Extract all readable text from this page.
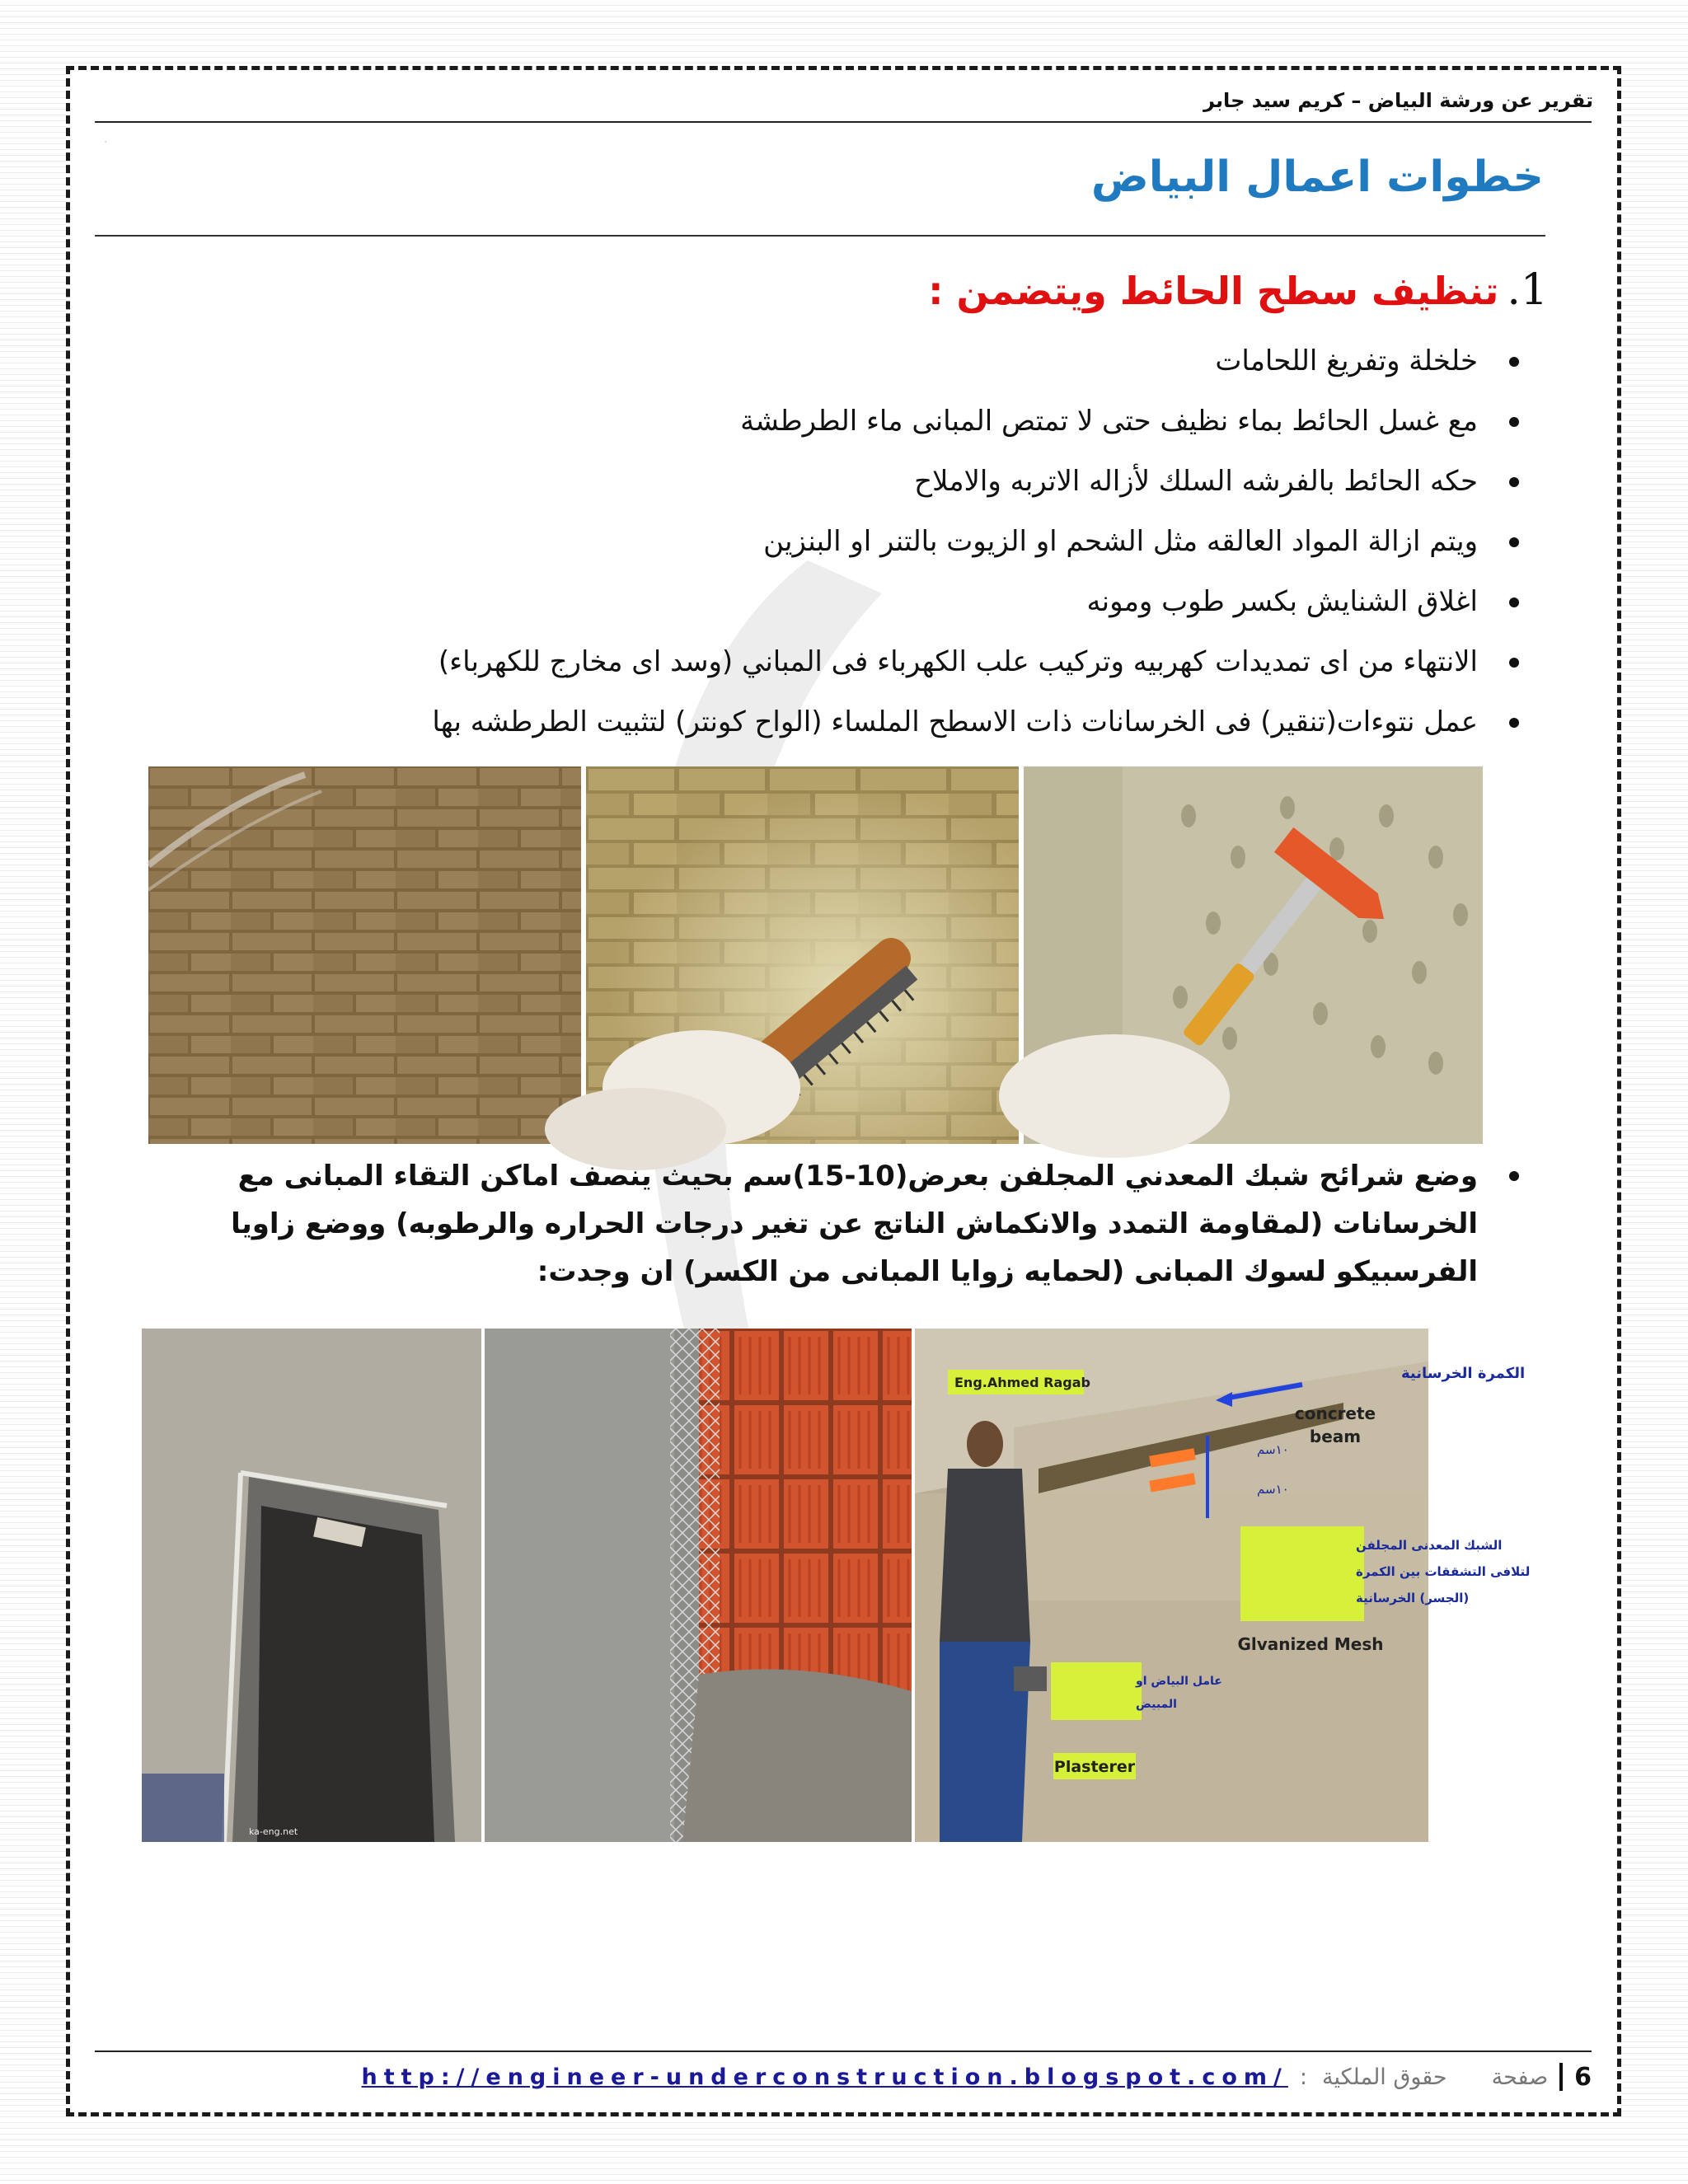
تقرير عن ورشة البياض – كريم سيد جابر
'
خطوات اعمال البياض
1.
تنظيف سطح الحائط ويتضمن :
خلخلة وتفريغ اللحامات
مع غسل الحائط بماء نظيف حتى لا تمتص المبانى ماء الطرطشة
حكه الحائط بالفرشه السلك لأزاله الاتربه والاملاح
ويتم ازالة المواد العالقه مثل الشحم او الزيوت بالتنر او البنزين
اغلاق الشنايش بكسر طوب ومونه
الانتهاء من اى تمديدات كهربيه وتركيب علب الكهرباء فى المباني (وسد اى مخارج للكهرباء)
عمل نتوءات(تنقير) فى الخرسانات ذات الاسطح الملساء (الواح كونتر) لتثبيت الطرطشه بها
وضع شرائح شبك المعدني المجلفن بعرض(10-15)سم بحيث ينصف اماكن التقاء المبانى مع
الخرسانات (لمقاومة التمدد والانكماش الناتج عن تغير درجات الحراره والرطوبه) ووضع زاويا
الفرسبيكو لسوك المبانى (لحمايه زوايا المبانى من الكسر) ان وجدت:
ka-eng.net
Eng.Ahmed Ragab
الكمرة الخرسانية
concrete
beam
١٠سم
١٠سم
الشبك المعدنى المجلفن
لتلافى التشققات بين الكمرة
(الجسر) الخرسانية
Glvanized Mesh
عامل البياض او
المبيض
Plasterer
http://engineer-underconstruction.blogspot.com/ : حقوق الملكية صفحة 6
